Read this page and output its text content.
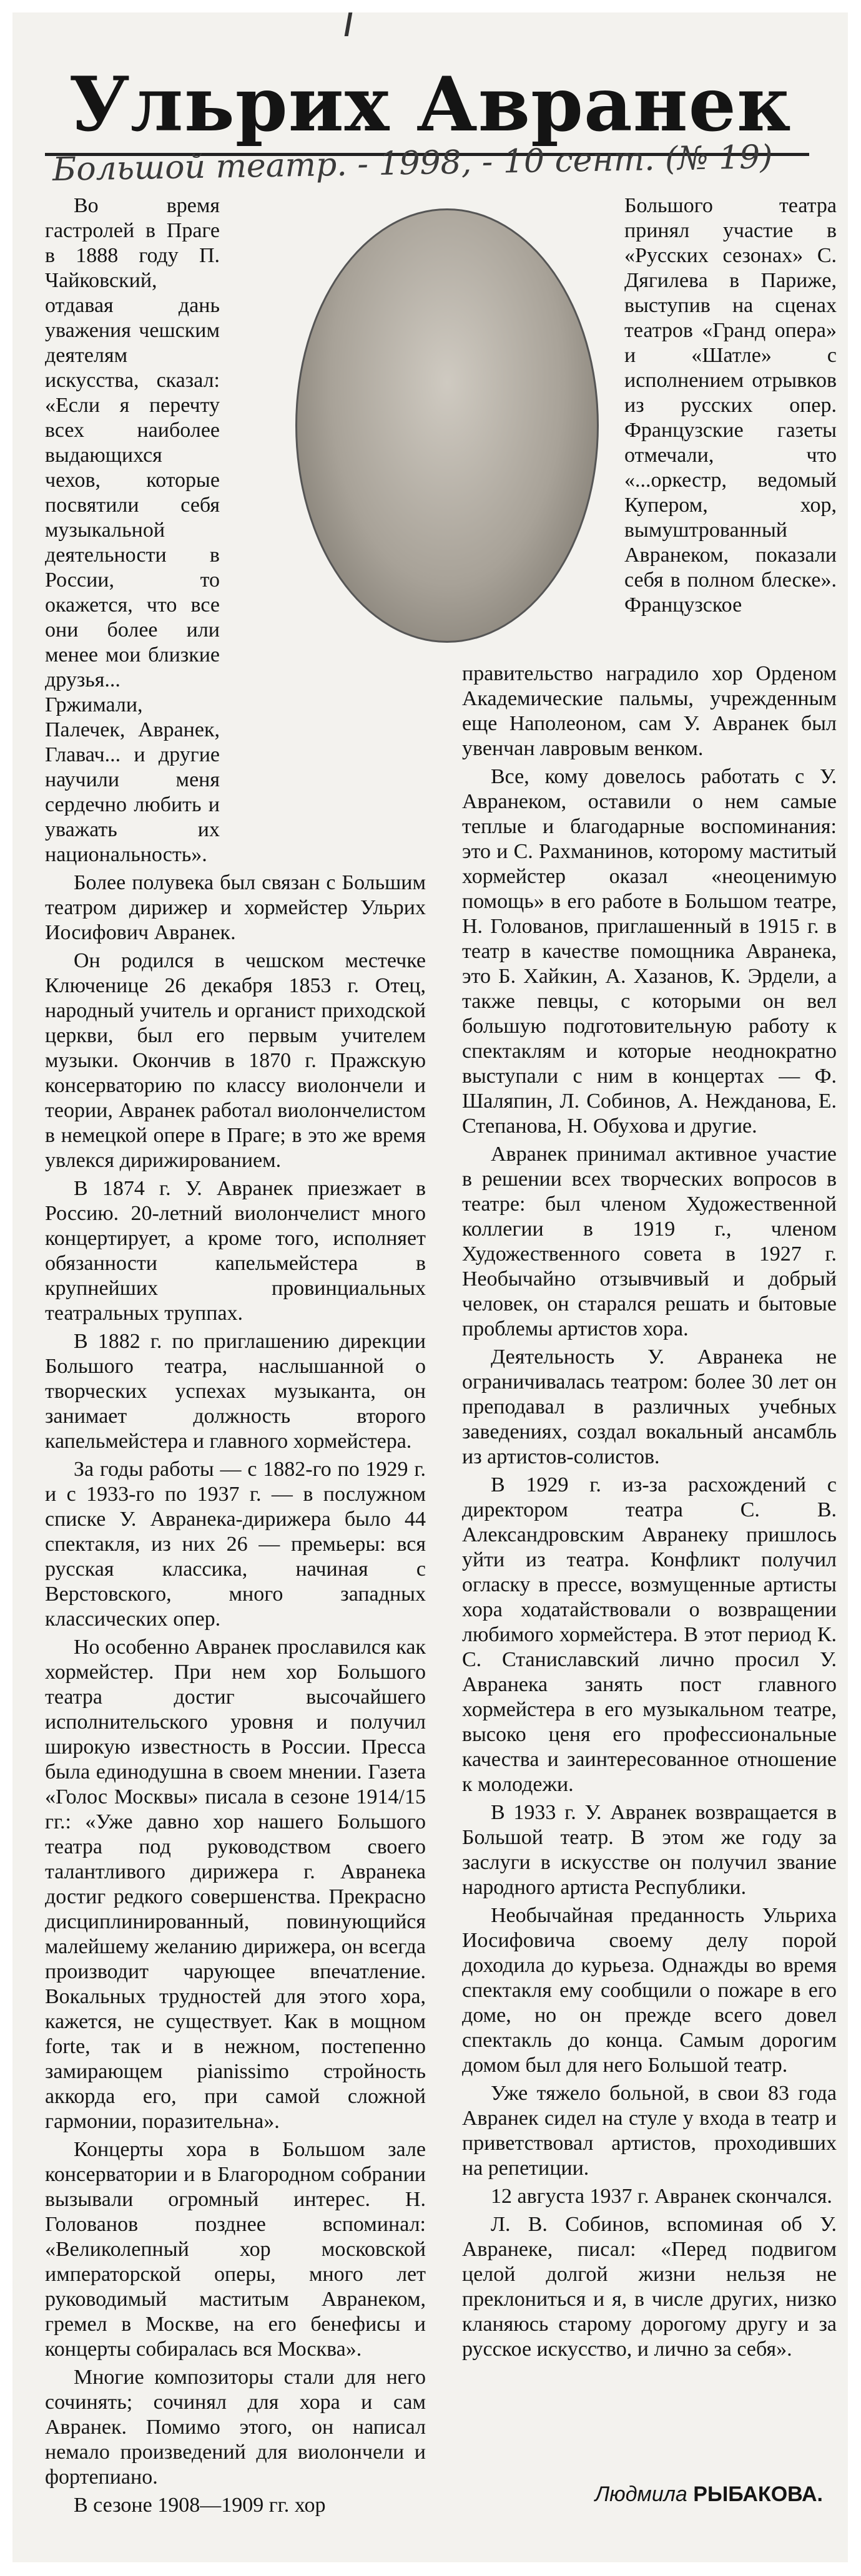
Ульрих Авранек
Большой театр. - 1998, - 10 сент. (№ 19)

Во время гастролей в Праге в 1888 году П. Чайковский, отдавая дань уважения чешским деятелям искусства, сказал: «Если я перечту всех наиболее выдающихся чехов, которые посвятили себя музыкальной деятельности в России, то окажется, что все они более или менее мои близкие друзья... Гржимали, Палечек, Авранек, Главач... и другие научили меня сердечно любить и уважать их национальность».

Более полувека был связан с Большим театром дирижер и хормейстер Ульрих Иосифович Авранек.

Он родился в чешском местечке Ключенице 26 декабря 1853 г. Отец, народный учитель и органист приходской церкви, был его первым учителем музыки. Окончив в 1870 г. Пражскую консерваторию по классу виолончели и теории, Авранек работал виолончелистом в немецкой опере в Праге; в это же время увлекся дирижированием.

В 1874 г. У. Авранек приезжает в Россию. 20-летний виолончелист много концертирует, а кроме того, исполняет обязанности капельмейстера в крупнейших провинциальных театральных труппах.

В 1882 г. по приглашению дирекции Большого театра, наслышанной о творческих успехах музыканта, он занимает должность второго капельмейстера и главного хормейстера.

За годы работы — с 1882-го по 1929 г. и с 1933-го по 1937 г. — в послужном списке У. Авранека-дирижера было 44 спектакля, из них 26 — премьеры: вся русская классика, начиная с Верстовского, много западных классических опер.

Но особенно Авранек прославился как хормейстер. При нем хор Большого театра достиг высочайшего исполнительского уровня и получил широкую известность в России. Пресса была единодушна в своем мнении. Газета «Голос Москвы» писала в сезоне 1914/15 гг.: «Уже давно хор нашего Большого театра под руководством своего талантливого дирижера г. Авранека достиг редкого совершенства. Прекрасно дисциплинированный, повинующийся малейшему желанию дирижера, он всегда производит чарующее впечатление. Вокальных трудностей для этого хора, кажется, не существует. Как в мощном forte, так и в нежном, постепенно замирающем pianissimo стройность аккорда его, при самой сложной гармонии, поразительна».

Концерты хора в Большом зале консерватории и в Благородном собрании вызывали огромный интерес. Н. Голованов позднее вспоминал: «Великолепный хор московской императорской оперы, много лет руководимый маститым Авранеком, гремел в Москве, на его бенефисы и концерты собиралась вся Москва».

Многие композиторы стали для него сочинять; сочинял для хора и сам Авранек. Помимо этого, он написал немало произведений для виолончели и фортепиано.

В сезоне 1908—1909 гг. хор

Большого театра принял участие в «Русских сезонах» С. Дягилева в Париже, выступив на сценах театров «Гранд опера» и «Шатле» с исполнением отрывков из русских опер. Французские газеты отмечали, что «...оркестр, ведомый Купером, хор, вымуштрованный Авранеком, показали себя в полном блеске». Французское

правительство наградило хор Орденом Академические пальмы, учрежденным еще Наполеоном, сам У. Авранек был увенчан лавровым венком.

Все, кому довелось работать с У. Авранеком, оставили о нем самые теплые и благодарные воспоминания: это и С. Рахманинов, которому маститый хормейстер оказал «неоценимую помощь» в его работе в Большом театре, Н. Голованов, приглашенный в 1915 г. в театр в качестве помощника Авранека, это Б. Хайкин, А. Хазанов, К. Эрдели, а также певцы, с которыми он вел большую подготовительную работу к спектаклям и которые неоднократно выступали с ним в концертах — Ф. Шаляпин, Л. Собинов, А. Нежданова, Е. Степанова, Н. Обухова и другие.

Авранек принимал активное участие в решении всех творческих вопросов в театре: был членом Художественной коллегии в 1919 г., членом Художественного совета в 1927 г. Необычайно отзывчивый и добрый человек, он старался решать и бытовые проблемы артистов хора.

Деятельность У. Авранека не ограничивалась театром: более 30 лет он преподавал в различных учебных заведениях, создал вокальный ансамбль из артистов-солистов.

В 1929 г. из-за расхождений с директором театра С. В. Александровским Авранеку пришлось уйти из театра. Конфликт получил огласку в прессе, возмущенные артисты хора ходатайствовали о возвращении любимого хормейстера. В этот период К. С. Станиславский лично просил У. Авранека занять пост главного хормейстера в его музыкальном театре, высоко ценя его профессиональные качества и заинтересованное отношение к молодежи.

В 1933 г. У. Авранек возвращается в Большой театр. В этом же году за заслуги в искусстве он получил звание народного артиста Республики.

Необычайная преданность Ульриха Иосифовича своему делу порой доходила до курьеза. Однажды во время спектакля ему сообщили о пожаре в его доме, но он прежде всего довел спектакль до конца. Самым дорогим домом был для него Большой театр.

Уже тяжело больной, в свои 83 года Авранек сидел на стуле у входа в театр и приветствовал артистов, проходивших на репетиции.

12 августа 1937 г. Авранек скончался.

Л. В. Собинов, вспоминая об У. Авранеке, писал: «Перед подвигом целой долгой жизни нельзя не преклониться и я, в числе других, низко кланяюсь старому дорогому другу и за русское искусство, и лично за себя».

Людмила РЫБАКОВА.
